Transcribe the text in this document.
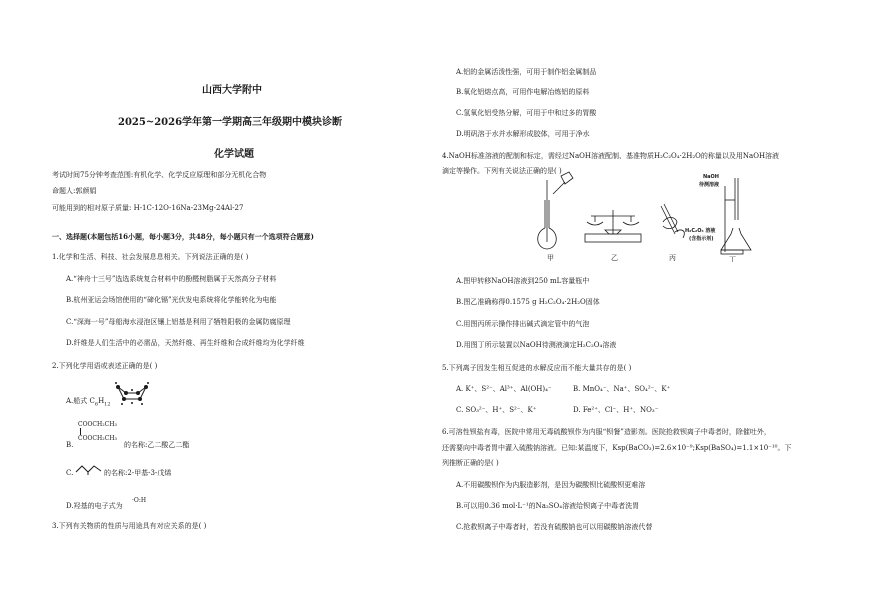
山西大学附中
2025~2026学年第一学期高三年级期中模块诊断
化学试题
考试时间75分钟考查范围:有机化学、化学反应原理和部分无机化合物
命题人:郭颜娟
可能用到的相对原子质量: H-1C-12O-16Na-23Mg-24Al-27
一、选择题(本题包括16小题，每小题3分，共48分，每小题只有一个选项符合题意)
1.化学和生活、科技、社会发展息息相关。下列说法正确的是( )
A.“神舟十三号”选选系统复合材料中的酚醛树脂属于天然高分子材料
B.杭州亚运会场馆使用的“碲化镉”光伏发电系统将化学能转化为电能
C.“深海一号”母船海水浸泡区镶上铝基是利用了牺牲阳极的金属防腐原理
D.纤维是人们生活中的必需品，天然纤维、再生纤维和合成纤维均为化学纤维
2.下列化学用语或表述正确的是( )
A.船式 $C_6H_{12}$
COOCH₂CH₃
COOCH₂CH₃
B.	的名称:乙二酸乙二酯
C.	的名称:2-甲基-3-戊烯
D.羟基的电子式为
·O:H
3.下列有关物质的性质与用途具有对应关系的是( )
A.铝的金属活泼性强，可用于制作铝金属制品
B.氧化铝熔点高，可用作电解冶炼铝的原料
C.氢氧化铝受热分解，可用于中和过多的胃酸
D.明矾溶于水并水解形成胶体，可用于净水
4.NaOH标准溶液的配制和标定，需经过NaOH溶液配制、基准物质H₂C₂O₄·2H₂O的称量以及用NaOH溶液
滴定等操作。下列有关说法正确的是( )
甲	乙	丙	丁
NaOH
待测溶液
H₂C₂O₄ 溶液
(含指示剂)
A.图甲转移NaOH溶液到250 mL容量瓶中
B.图乙准确称得0.1575 g H₂C₂O₄·2H₂O固体
C.用图丙所示操作排出碱式滴定管中的气泡
D.用图丁所示装置以NaOH待测液滴定H₂C₂O₄溶液
5.下列离子因发生相互促进的水解反应而不能大量共存的是( )
A. K⁺、S²⁻、Al³⁺、Al(OH)₄⁻	B. MnO₄⁻、Na⁺、SO₄²⁻、K⁺
C. SO₃²⁻、H⁺、S²⁻、K⁺	D. Fe²⁺、Cl⁻、H⁺、NO₃⁻
6.可溶性钡盐有毒，医院中常用无毒硫酸钡作为内服“钡餐”造影剂。医院抢救钡离子中毒者时，除催吐外，
还需要向中毒者胃中灌入硫酸钠溶液。已知:某温度下，Ksp(BaCO₃)=2.6×10⁻⁹;Ksp(BaSO₄)=1.1×10⁻¹⁰。下
列推断正确的是( )
A.不用碳酸钡作为内服造影剂，是因为碳酸钡比硫酸钡更难溶
B.可以用0.36 mol·L⁻¹的Na₂SO₄溶液给钡离子中毒者洗胃
C.抢救钡离子中毒者时，若没有硫酸钠也可以用碳酸钠溶液代替
